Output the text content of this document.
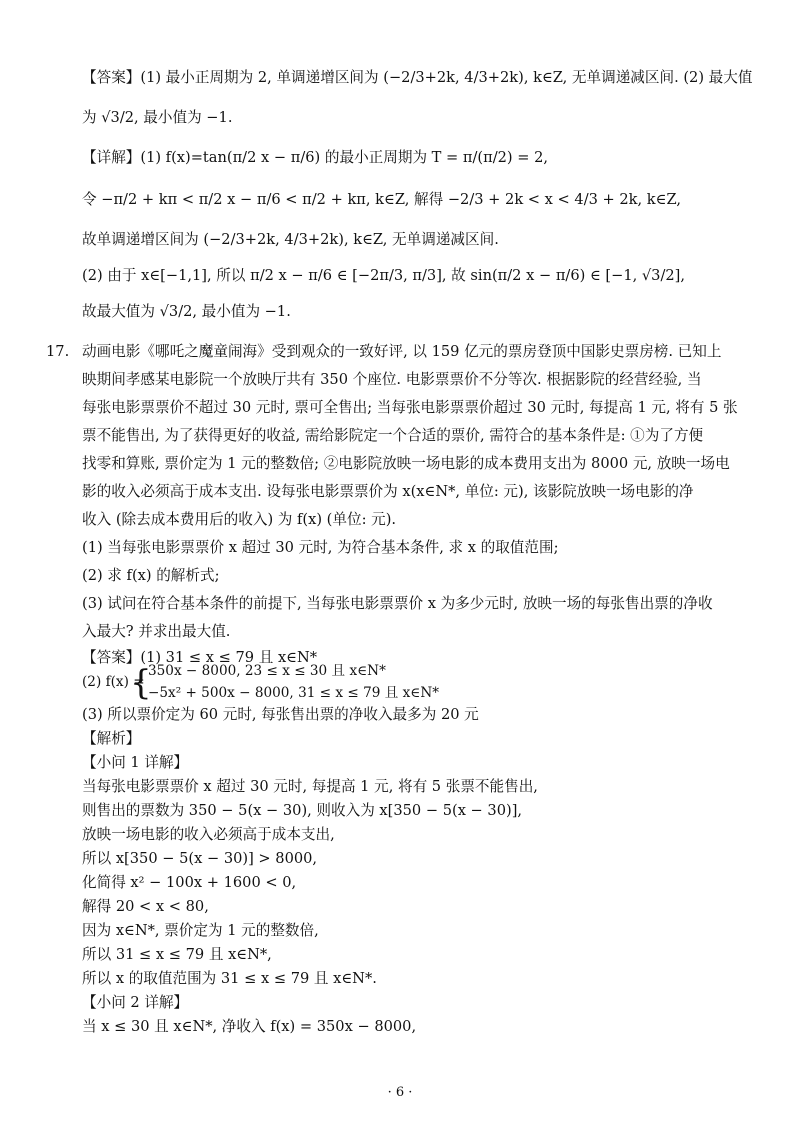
【答案】(1) 最小正周期为 2, 单调递增区间为 (−2/3+2k, 4/3+2k), k∈Z, 无单调递减区间. (2) 最大值
为 √3/2, 最小值为 −1.
【详解】(1) f(x)=tan(π/2 x − π/6) 的最小正周期为 T = π/(π/2) = 2,
令 −π/2 + kπ < π/2 x − π/6 < π/2 + kπ, k∈Z, 解得 −2/3 + 2k < x < 4/3 + 2k, k∈Z,
故单调递增区间为 (−2/3+2k, 4/3+2k), k∈Z, 无单调递减区间.
(2) 由于 x∈[−1,1], 所以 π/2 x − π/6 ∈ [−2π/3, π/3], 故 sin(π/2 x − π/6) ∈ [−1, √3/2],
故最大值为 √3/2, 最小值为 −1.
动画电影《哪吒之魔童闹海》受到观众的一致好评, 以 159 亿元的票房登顶中国影史票房榜. 已知上
映期间孝感某电影院一个放映厅共有 350 个座位. 电影票票价不分等次. 根据影院的经营经验, 当
每张电影票票价不超过 30 元时, 票可全售出; 当每张电影票票价超过 30 元时, 每提高 1 元, 将有 5 张
票不能售出, 为了获得更好的收益, 需给影院定一个合适的票价, 需符合的基本条件是: ①为了方便
找零和算账, 票价定为 1 元的整数倍; ②电影院放映一场电影的成本费用支出为 8000 元, 放映一场电
影的收入必须高于成本支出. 设每张电影票票价为 x(x∈N*, 单位: 元), 该影院放映一场电影的净
收入 (除去成本费用后的收入) 为 f(x) (单位: 元).
(1) 当每张电影票票价 x 超过 30 元时, 为符合基本条件, 求 x 的取值范围;
(2) 求 f(x) 的解析式;
(3) 试问在符合基本条件的前提下, 当每张电影票票价 x 为多少元时, 放映一场的每张售出票的净收
入最大? 并求出最大值.
【答案】(1) 31 ≤ x ≤ 79 且 x∈N*
(2) f(x) =
(3) 所以票价定为 60 元时, 每张售出票的净收入最多为 20 元
【解析】
【小问 1 详解】
当每张电影票票价 x 超过 30 元时, 每提高 1 元, 将有 5 张票不能售出,
则售出的票数为 350 − 5(x − 30), 则收入为 x[350 − 5(x − 30)],
放映一场电影的收入必须高于成本支出,
所以 x[350 − 5(x − 30)] > 8000,
化简得 x² − 100x + 1600 < 0,
解得 20 < x < 80,
因为 x∈N*, 票价定为 1 元的整数倍,
所以 31 ≤ x ≤ 79 且 x∈N*,
所以 x 的取值范围为 31 ≤ x ≤ 79 且 x∈N*.
【小问 2 详解】
当 x ≤ 30 且 x∈N*, 净收入 f(x) = 350x − 8000,
17.
{
350x − 8000, 23 ≤ x ≤ 30 且 x∈N*
−5x² + 500x − 8000, 31 ≤ x ≤ 79 且 x∈N*
· 6 ·
